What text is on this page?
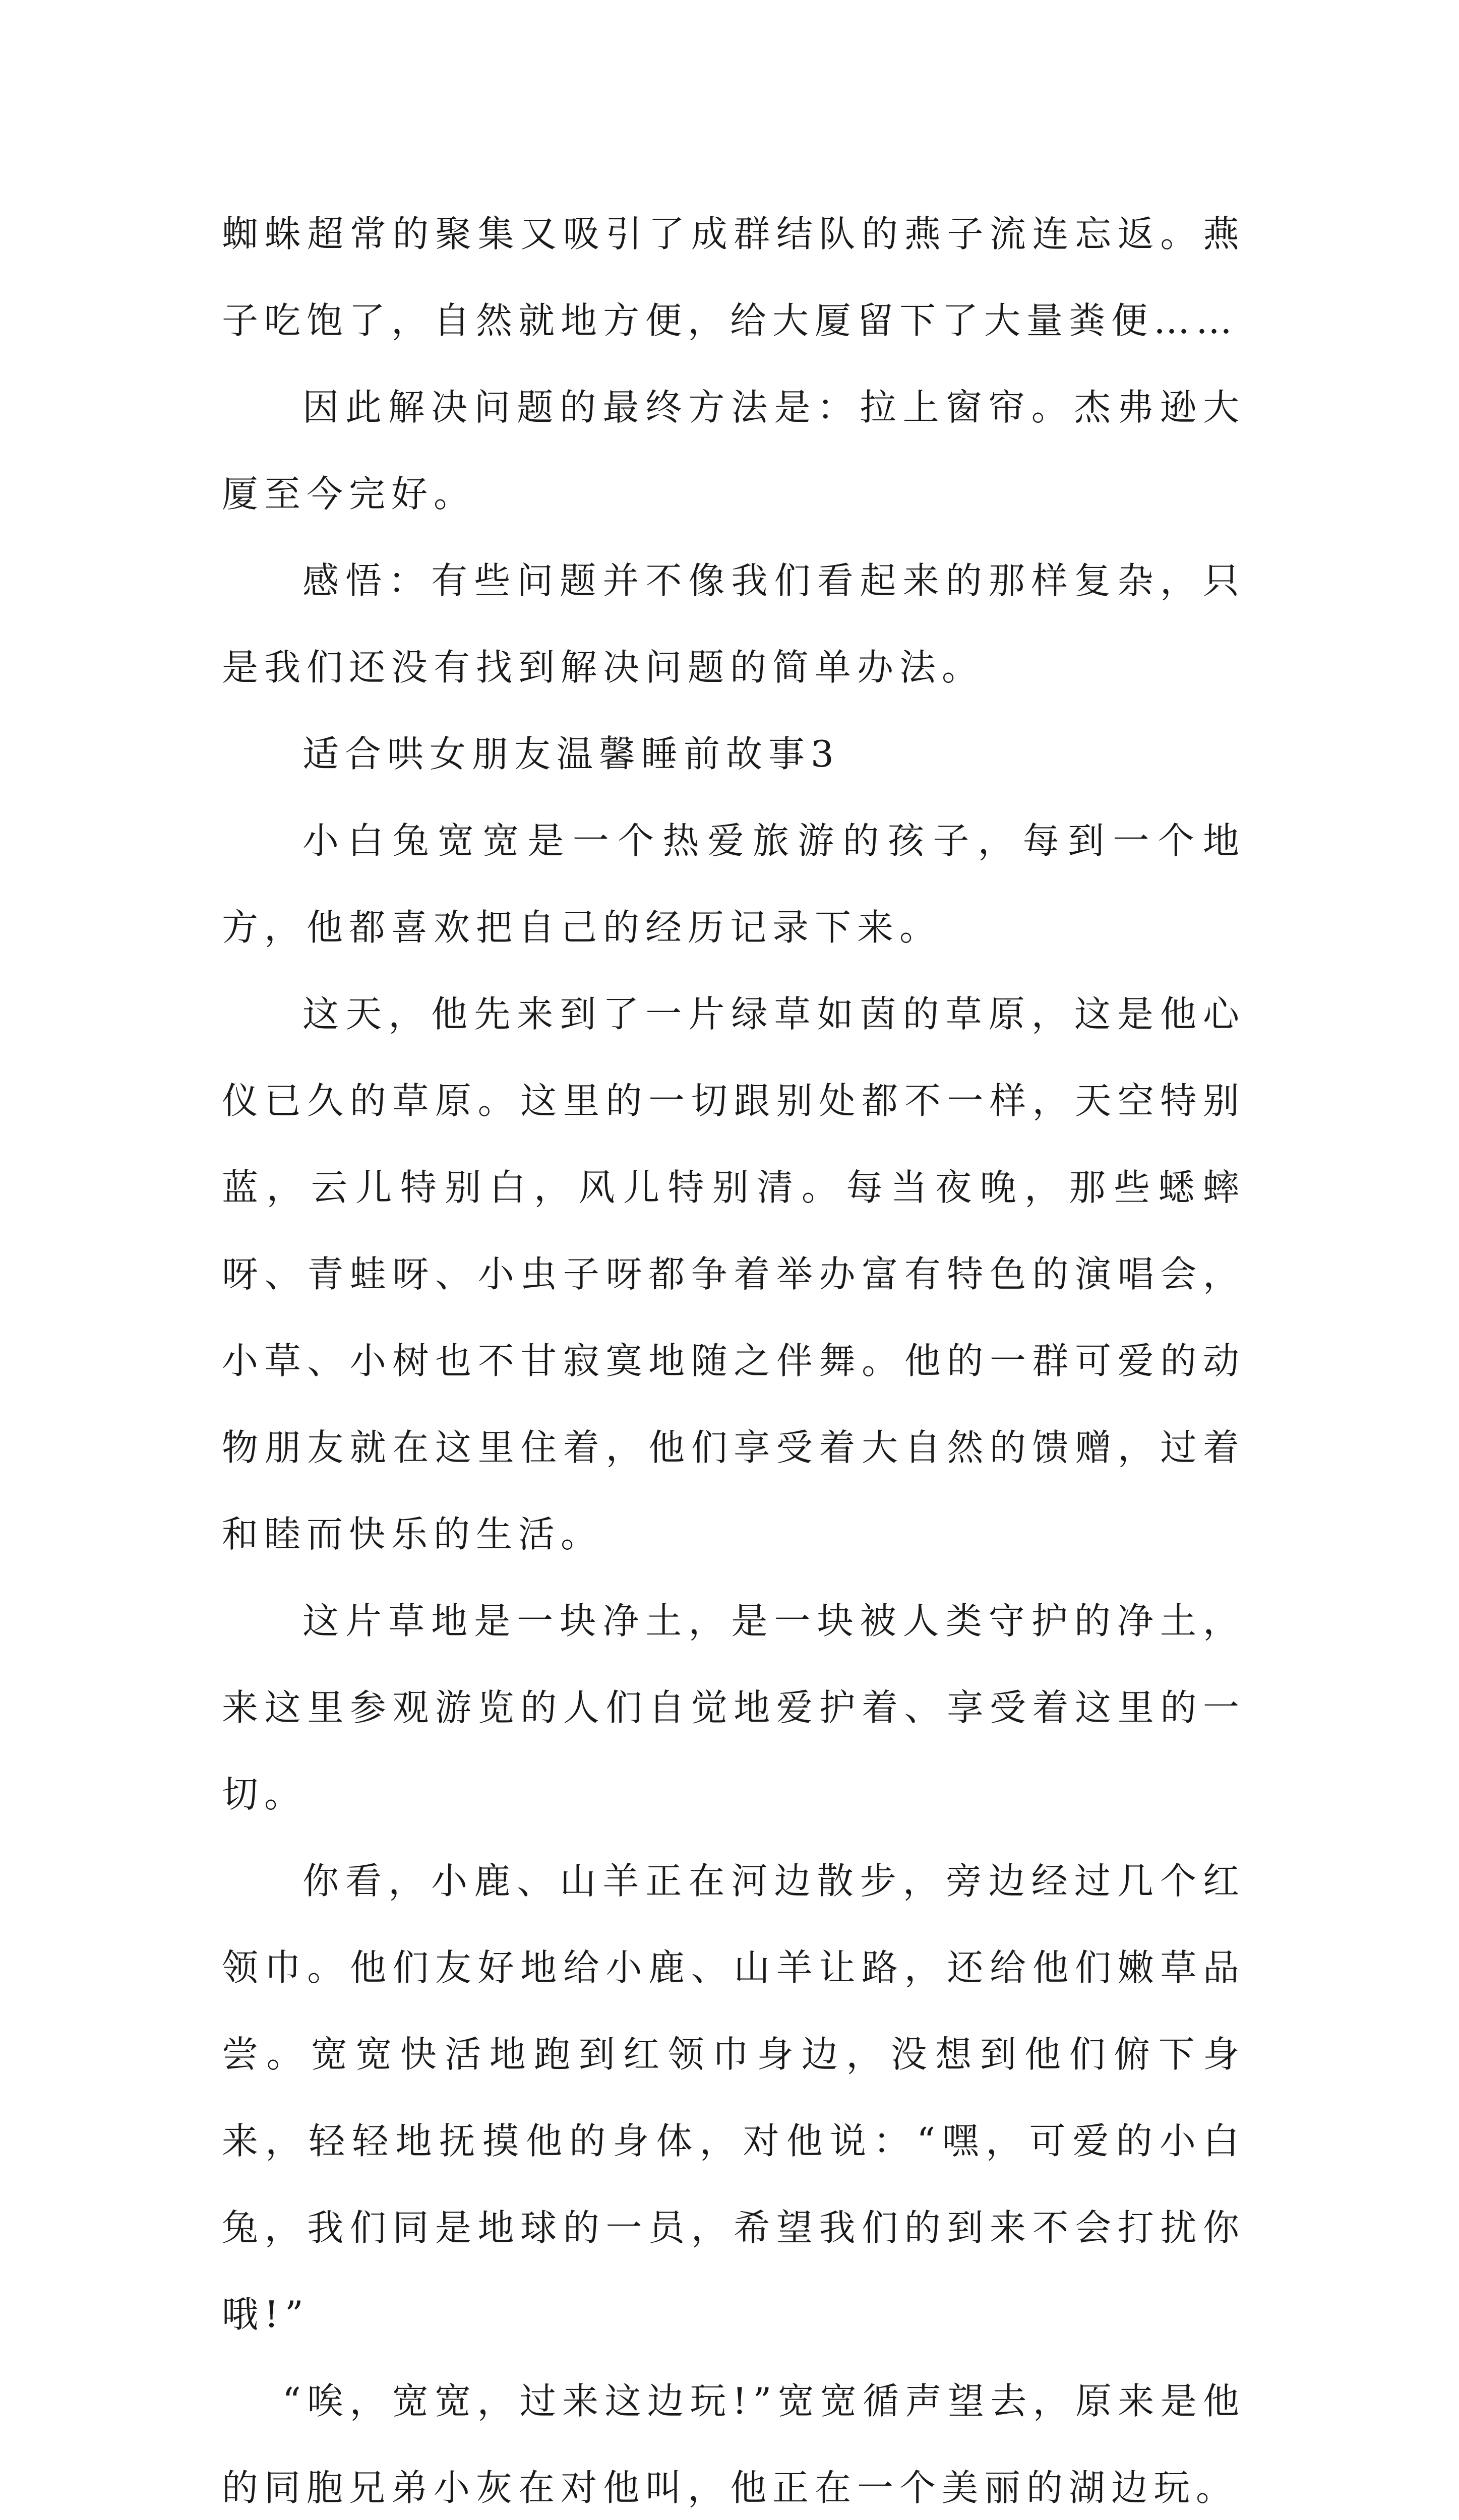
蜘蛛超常的聚集又吸引了成群结队的燕子流连忘返。燕子吃饱了，自然就地方便，给大厦留下了大量粪便……

因此解决问题的最终方法是：拉上窗帘。杰弗逊大厦至今完好。

感悟：有些问题并不像我们看起来的那样复杂，只是我们还没有找到解决问题的简单办法。

适合哄女朋友温馨睡前故事3

小白兔宽宽是一个热爱旅游的孩子，每到一个地方，他都喜欢把自己的经历记录下来。

这天，他先来到了一片绿草如茵的草原，这是他心仪已久的草原。这里的一切跟别处都不一样，天空特别蓝，云儿特别白，风儿特别清。每当夜晚，那些蟋蟀呀、青蛙呀、小虫子呀都争着举办富有特色的演唱会，小草、小树也不甘寂寞地随之伴舞。他的一群可爱的动物朋友就在这里住着，他们享受着大自然的馈赠，过着和睦而快乐的生活。

这片草地是一块净土，是一块被人类守护的净土，来这里参观游览的人们自觉地爱护着、享受着这里的一切。

你看，小鹿、山羊正在河边散步，旁边经过几个红领巾。他们友好地给小鹿、山羊让路，还给他们嫩草品尝。宽宽快活地跑到红领巾身边，没想到他们俯下身来，轻轻地抚摸他的身体，对他说：“嘿，可爱的小白兔，我们同是地球的一员，希望我们的到来不会打扰你哦!”

“唉，宽宽，过来这边玩!”宽宽循声望去，原来是他的同胞兄弟小灰在对他叫，他正在一个美丽的湖边玩。
